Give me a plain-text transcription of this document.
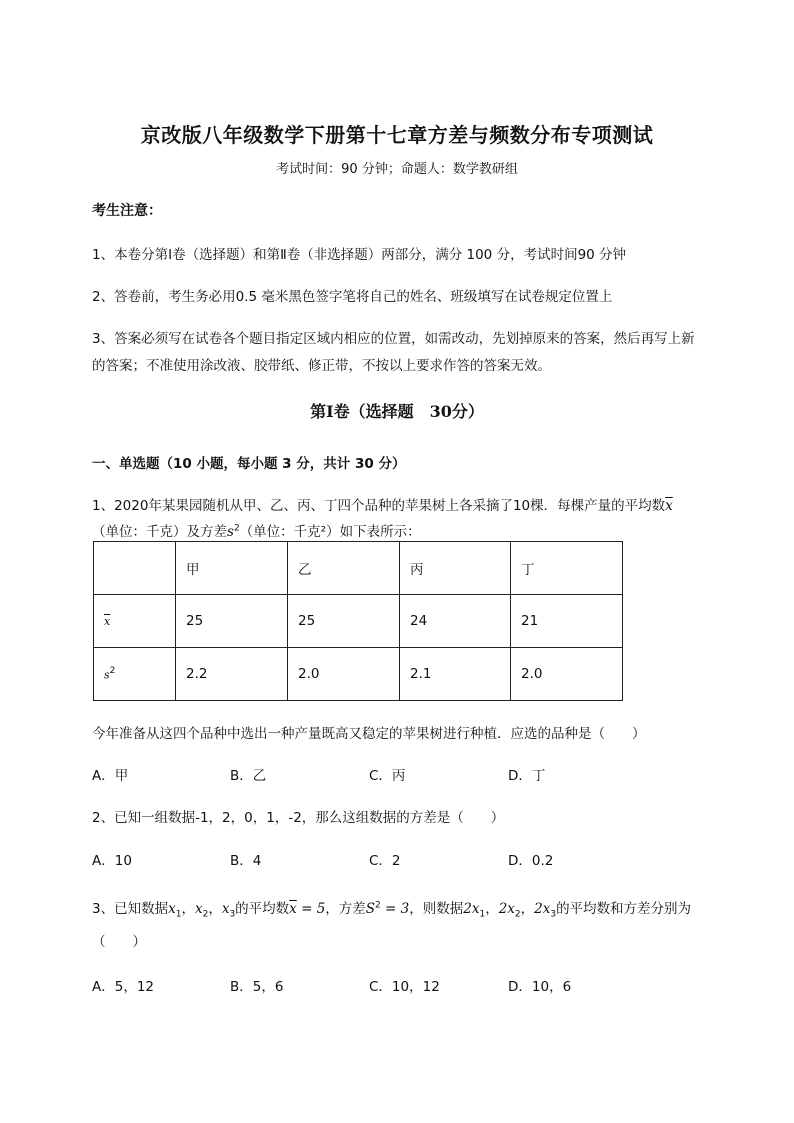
京改版八年级数学下册第十七章方差与频数分布专项测试
考试时间：90 分钟；命题人：数学教研组
考生注意：
1、本卷分第Ⅰ卷（选择题）和第Ⅱ卷（非选择题）两部分，满分 100 分，考试时间90 分钟
2、答卷前，考生务必用0.5 毫米黑色签字笔将自己的姓名、班级填写在试卷规定位置上
3、答案必须写在试卷各个题目指定区域内相应的位置，如需改动，先划掉原来的答案，然后再写上新
的答案；不准使用涂改液、胶带纸、修正带，不按以上要求作答的答案无效。
第Ⅰ卷（选择题　30分）
一、单选题（10 小题，每小题 3 分，共计 30 分）
1、2020年某果园随机从甲、乙、丙、丁四个品种的苹果树上各采摘了10棵．每棵产量的平均数$\overline{x}$
（单位：千克）及方差$s^2$（单位：千克²）如下表所示：
	甲	乙	丙	丁
$\overline{x}$	25	25	24	21
$s^2$	2.2	2.0	2.1	2.0
今年准备从这四个品种中选出一种产量既高又稳定的苹果树进行种植．应选的品种是（　　）
A．甲	B．乙	C．丙	D．丁
2、已知一组数据-1，2，0，1，-2，那么这组数据的方差是（　　）
A．10	B．4	C．2	D．0.2
3、已知数据$x_1$，$x_2$，$x_3$的平均数$\overline{x} = 5$，方差$S^2 = 3$，则数据$2x_1$，$2x_2$，$2x_3$的平均数和方差分别为
（　　）
A．5，12	B．5，6	C．10，12	D．10，6
